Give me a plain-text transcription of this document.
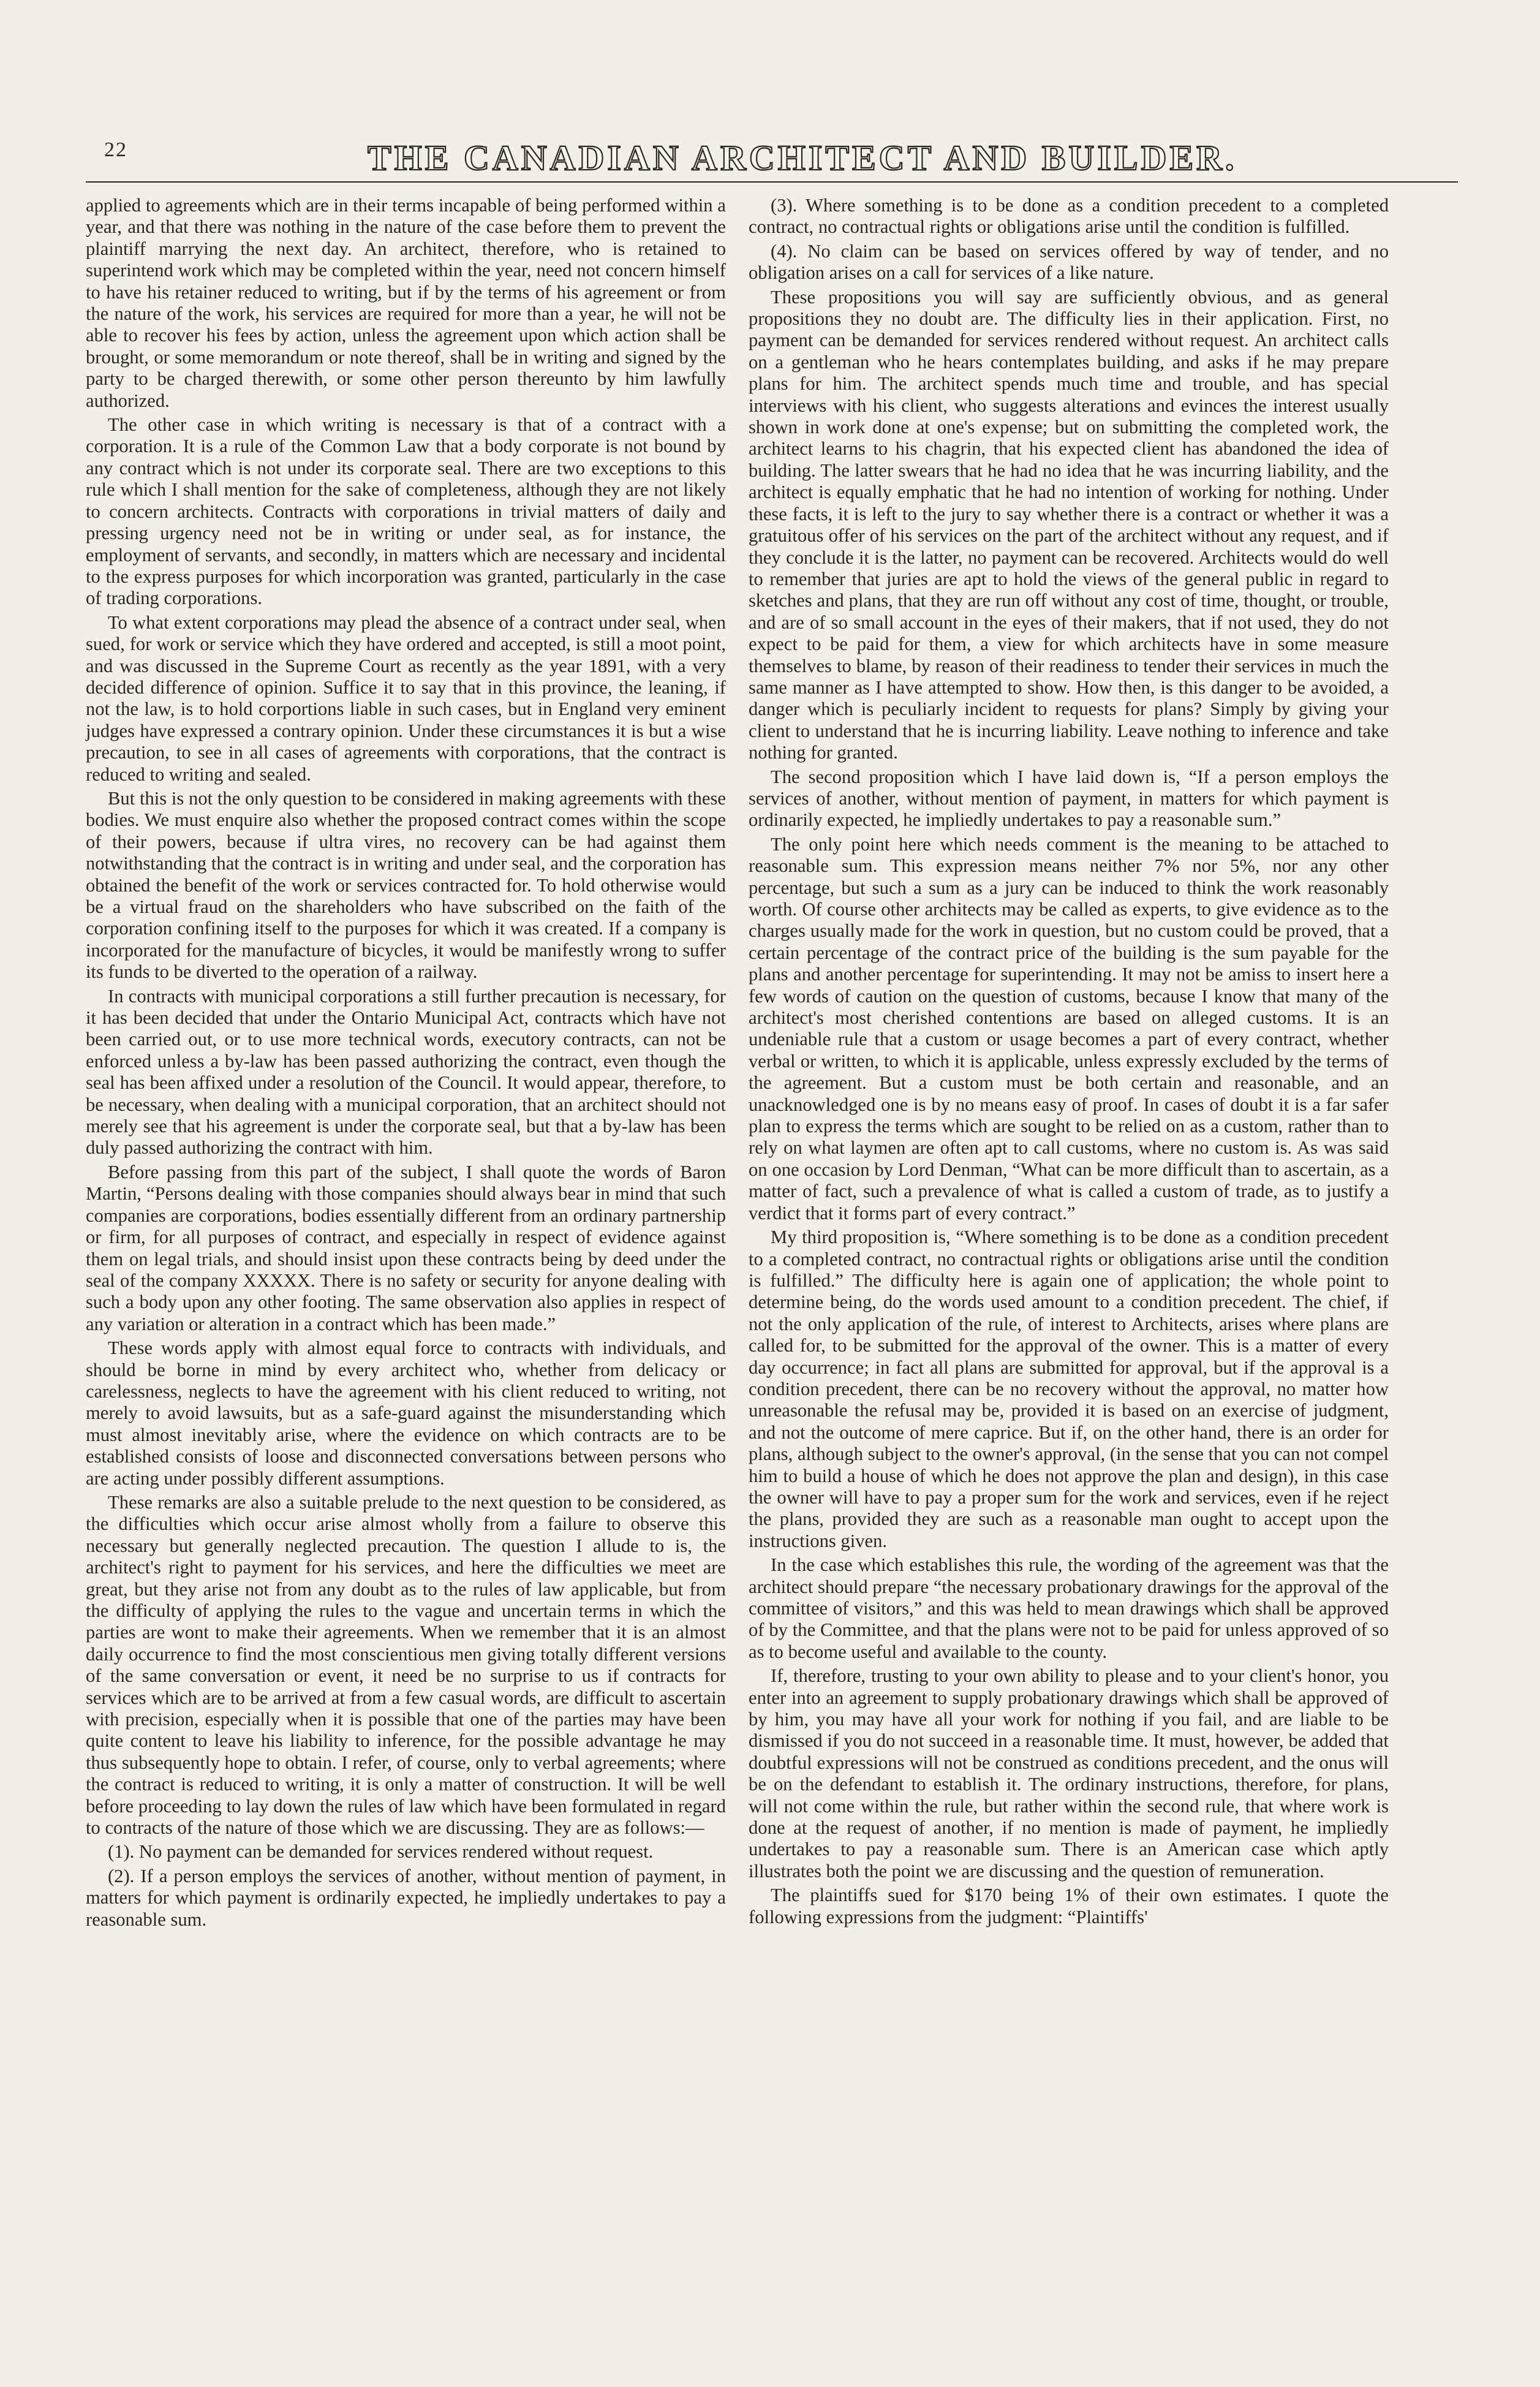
22	THE CANADIAN ARCHITECT AND BUILDER.

applied to agreements which are in their terms incapable of being performed within a year, and that there was nothing in the nature of the case before them to prevent the plaintiff marrying the next day. An architect, therefore, who is retained to superintend work which may be completed within the year, need not concern himself to have his retainer reduced to writing, but if by the terms of his agreement or from the nature of the work, his services are required for more than a year, he will not be able to recover his fees by action, unless the agreement upon which action shall be brought, or some memorandum or note thereof, shall be in writing and signed by the party to be charged therewith, or some other person thereunto by him lawfully authorized.

The other case in which writing is necessary is that of a contract with a corporation. It is a rule of the Common Law that a body corporate is not bound by any contract which is not under its corporate seal. There are two exceptions to this rule which I shall mention for the sake of completeness, although they are not likely to concern architects. Contracts with corporations in trivial matters of daily and pressing urgency need not be in writing or under seal, as for instance, the employment of servants, and secondly, in matters which are necessary and incidental to the express purposes for which incorporation was granted, particularly in the case of trading corporations.

To what extent corporations may plead the absence of a contract under seal, when sued, for work or service which they have ordered and accepted, is still a moot point, and was discussed in the Supreme Court as recently as the year 1891, with a very decided difference of opinion. Suffice it to say that in this province, the leaning, if not the law, is to hold corportions liable in such cases, but in England very eminent judges have expressed a contrary opinion. Under these circumstances it is but a wise precaution, to see in all cases of agreements with corporations, that the contract is reduced to writing and sealed.

But this is not the only question to be considered in making agreements with these bodies. We must enquire also whether the proposed contract comes within the scope of their powers, because if ultra vires, no recovery can be had against them notwithstanding that the contract is in writing and under seal, and the corporation has obtained the benefit of the work or services contracted for. To hold otherwise would be a virtual fraud on the shareholders who have subscribed on the faith of the corporation confining itself to the purposes for which it was created. If a company is incorporated for the manufacture of bicycles, it would be manifestly wrong to suffer its funds to be diverted to the operation of a railway.

In contracts with municipal corporations a still further precaution is necessary, for it has been decided that under the Ontario Municipal Act, contracts which have not been carried out, or to use more technical words, executory contracts, can not be enforced unless a by-law has been passed authorizing the contract, even though the seal has been affixed under a resolution of the Council. It would appear, therefore, to be necessary, when dealing with a municipal corporation, that an architect should not merely see that his agreement is under the corporate seal, but that a by-law has been duly passed authorizing the contract with him.

Before passing from this part of the subject, I shall quote the words of Baron Martin, “Persons dealing with those companies should always bear in mind that such companies are corporations, bodies essentially different from an ordinary partnership or firm, for all purposes of contract, and especially in respect of evidence against them on legal trials, and should insist upon these contracts being by deed under the seal of the company XXXXX. There is no safety or security for anyone dealing with such a body upon any other footing. The same observation also applies in respect of any variation or alteration in a contract which has been made.”

These words apply with almost equal force to contracts with individuals, and should be borne in mind by every architect who, whether from delicacy or carelessness, neglects to have the agreement with his client reduced to writing, not merely to avoid lawsuits, but as a safe-guard against the misunderstanding which must almost inevitably arise, where the evidence on which contracts are to be established consists of loose and disconnected conversations between persons who are acting under possibly different assumptions.

These remarks are also a suitable prelude to the next question to be considered, as the difficulties which occur arise almost wholly from a failure to observe this necessary but generally neglected precaution. The question I allude to is, the architect's right to payment for his services, and here the difficulties we meet are great, but they arise not from any doubt as to the rules of law applicable, but from the difficulty of applying the rules to the vague and uncertain terms in which the parties are wont to make their agreements. When we remember that it is an almost daily occurrence to find the most conscientious men giving totally different versions of the same conversation or event, it need be no surprise to us if contracts for services which are to be arrived at from a few casual words, are difficult to ascertain with precision, especially when it is possible that one of the parties may have been quite content to leave his liability to inference, for the possible advantage he may thus subsequently hope to obtain. I refer, of course, only to verbal agreements; where the contract is reduced to writing, it is only a matter of construction. It will be well before proceeding to lay down the rules of law which have been formulated in regard to contracts of the nature of those which we are discussing. They are as follows:—

(1). No payment can be demanded for services rendered without request.

(2). If a person employs the services of another, without mention of payment, in matters for which payment is ordinarily expected, he impliedly undertakes to pay a reasonable sum.

(3). Where something is to be done as a condition precedent to a completed contract, no contractual rights or obligations arise until the condition is fulfilled.

(4). No claim can be based on services offered by way of tender, and no obligation arises on a call for services of a like nature.

These propositions you will say are sufficiently obvious, and as general propositions they no doubt are. The difficulty lies in their application. First, no payment can be demanded for services rendered without request. An architect calls on a gentleman who he hears contemplates building, and asks if he may prepare plans for him. The architect spends much time and trouble, and has special interviews with his client, who suggests alterations and evinces the interest usually shown in work done at one's expense; but on submitting the completed work, the architect learns to his chagrin, that his expected client has abandoned the idea of building. The latter swears that he had no idea that he was incurring liability, and the architect is equally emphatic that he had no intention of working for nothing. Under these facts, it is left to the jury to say whether there is a contract or whether it was a gratuitous offer of his services on the part of the architect without any request, and if they conclude it is the latter, no payment can be recovered. Architects would do well to remember that juries are apt to hold the views of the general public in regard to sketches and plans, that they are run off without any cost of time, thought, or trouble, and are of so small account in the eyes of their makers, that if not used, they do not expect to be paid for them, a view for which architects have in some measure themselves to blame, by reason of their readiness to tender their services in much the same manner as I have attempted to show. How then, is this danger to be avoided, a danger which is peculiarly incident to requests for plans? Simply by giving your client to understand that he is incurring liability. Leave nothing to inference and take nothing for granted.

The second proposition which I have laid down is, “If a person employs the services of another, without mention of payment, in matters for which payment is ordinarily expected, he impliedly undertakes to pay a reasonable sum.”

The only point here which needs comment is the meaning to be attached to reasonable sum. This expression means neither 7% nor 5%, nor any other percentage, but such a sum as a jury can be induced to think the work reasonably worth. Of course other architects may be called as experts, to give evidence as to the charges usually made for the work in question, but no custom could be proved, that a certain percentage of the contract price of the building is the sum payable for the plans and another percentage for superintending. It may not be amiss to insert here a few words of caution on the question of customs, because I know that many of the architect's most cherished contentions are based on alleged customs. It is an undeniable rule that a custom or usage becomes a part of every contract, whether verbal or written, to which it is applicable, unless expressly excluded by the terms of the agreement. But a custom must be both certain and reasonable, and an unacknowledged one is by no means easy of proof. In cases of doubt it is a far safer plan to express the terms which are sought to be relied on as a custom, rather than to rely on what laymen are often apt to call customs, where no custom is. As was said on one occasion by Lord Denman, “What can be more difficult than to ascertain, as a matter of fact, such a prevalence of what is called a custom of trade, as to justify a verdict that it forms part of every contract.”

My third proposition is, “Where something is to be done as a condition precedent to a completed contract, no contractual rights or obligations arise until the condition is fulfilled.” The difficulty here is again one of application; the whole point to determine being, do the words used amount to a condition precedent. The chief, if not the only application of the rule, of interest to Architects, arises where plans are called for, to be submitted for the approval of the owner. This is a matter of every day occurrence; in fact all plans are submitted for approval, but if the approval is a condition precedent, there can be no recovery without the approval, no matter how unreasonable the refusal may be, provided it is based on an exercise of judgment, and not the outcome of mere caprice. But if, on the other hand, there is an order for plans, although subject to the owner's approval, (in the sense that you can not compel him to build a house of which he does not approve the plan and design), in this case the owner will have to pay a proper sum for the work and services, even if he reject the plans, provided they are such as a reasonable man ought to accept upon the instructions given.

In the case which establishes this rule, the wording of the agreement was that the architect should prepare “the necessary probationary drawings for the approval of the committee of visitors,” and this was held to mean drawings which shall be approved of by the Committee, and that the plans were not to be paid for unless approved of so as to become useful and available to the county.

If, therefore, trusting to your own ability to please and to your client's honor, you enter into an agreement to supply probationary drawings which shall be approved of by him, you may have all your work for nothing if you fail, and are liable to be dismissed if you do not succeed in a reasonable time. It must, however, be added that doubtful expressions will not be construed as conditions precedent, and the onus will be on the defendant to establish it. The ordinary instructions, therefore, for plans, will not come within the rule, but rather within the second rule, that where work is done at the request of another, if no mention is made of payment, he impliedly undertakes to pay a reasonable sum. There is an American case which aptly illustrates both the point we are discussing and the question of remuneration.

The plaintiffs sued for $170 being 1% of their own estimates. I quote the following expressions from the judgment: “Plaintiffs'
